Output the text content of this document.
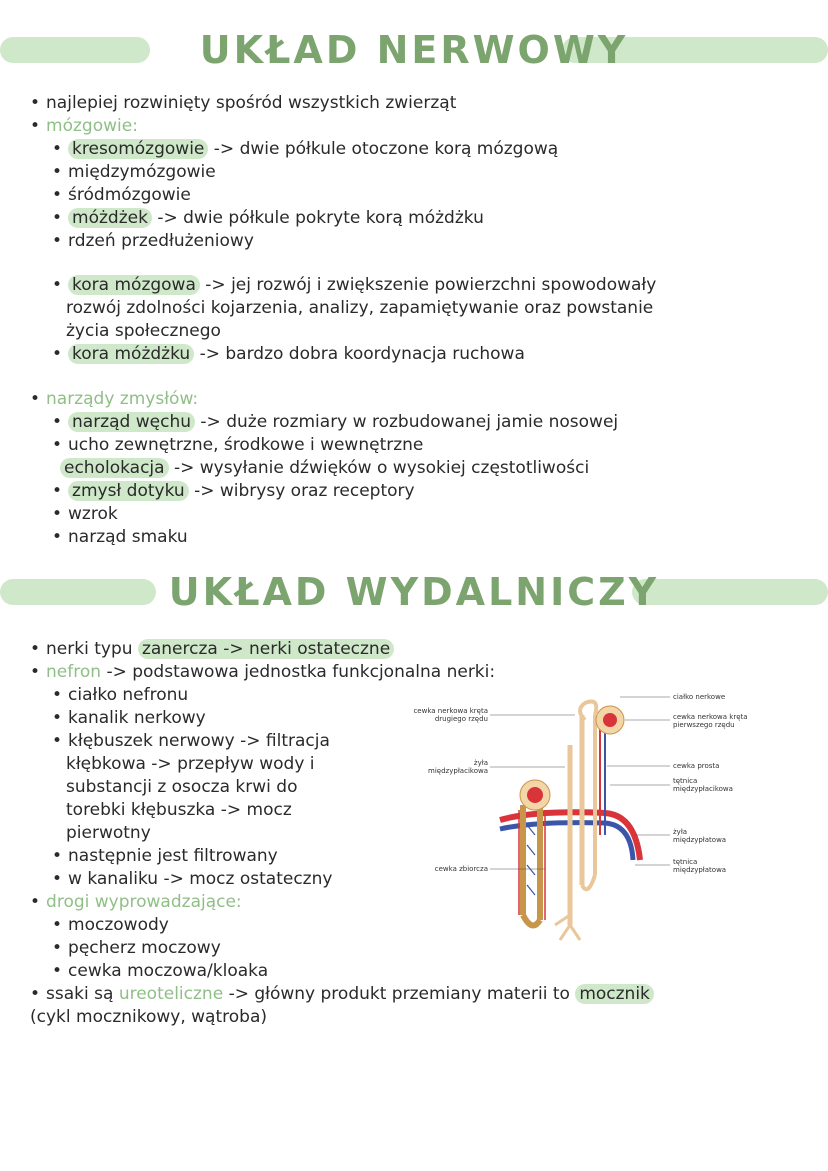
UKŁAD NERWOWY
• najlepiej rozwinięty spośród wszystkich zwierząt
• mózgowie:
• kresomózgowie -> dwie półkule otoczone korą mózgową
• międzymózgowie
• śródmózgowie
• móżdżek -> dwie półkule pokryte korą móżdżku
• rdzeń przedłużeniowy
• kora mózgowa -> jej rozwój i zwiększenie powierzchni spowodowały
rozwój zdolności kojarzenia, analizy, zapamiętywanie oraz powstanie
życia społecznego
• kora móżdżku -> bardzo dobra koordynacja ruchowa
• narządy zmysłów:
• narząd węchu -> duże rozmiary w rozbudowanej jamie nosowej
• ucho zewnętrzne, środkowe i wewnętrzne
echolokacja -> wysyłanie dźwięków o wysokiej częstotliwości
• zmysł dotyku -> wibrysy oraz receptory
• wzrok
• narząd smaku
UKŁAD WYDALNICZY
• nerki typu zanercza -> nerki ostateczne
• nefron -> podstawowa jednostka funkcjonalna nerki:
• ciałko nefronu
• kanalik nerkowy
• kłębuszek nerwowy -> filtracja
kłębkowa -> przepływ wody i
substancji z osocza krwi do
torebki kłębuszka -> mocz
pierwotny
• następnie jest filtrowany
• w kanaliku -> mocz ostateczny
• drogi wyprowadzające:
• moczowody
• pęcherz moczowy
• cewka moczowa/kloaka
• ssaki są ureoteliczne -> główny produkt przemiany materii to mocznik
(cykl mocznikowy, wątroba)
ciałko nerkowe
cewka nerkowa kręta
pierwszego rzędu
cewka prosta
tętnica
międzypłacikowa
żyła
międzypłatowa
tętnica
międzypłatowa
cewka nerkowa kręta
drugiego rzędu
żyła
międzypłacikowa
cewka zbiorcza
